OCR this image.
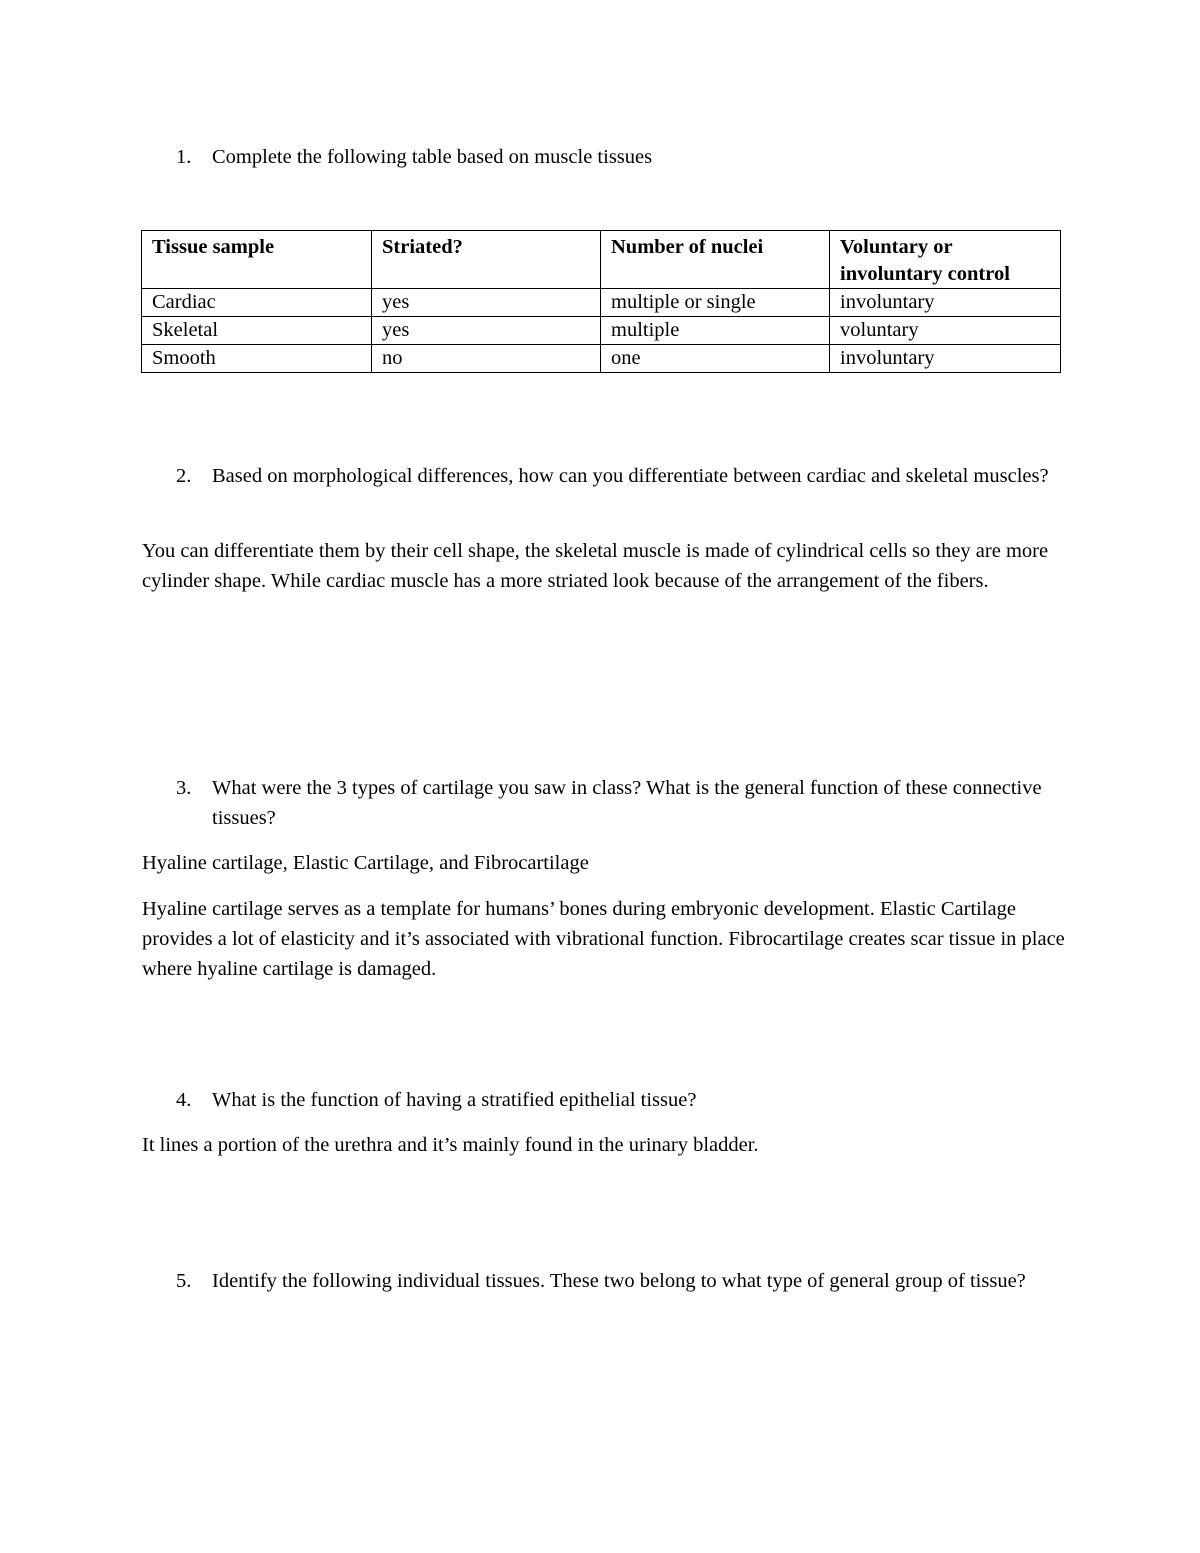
1. Complete the following table based on muscle tissues
Tissue sample	Striated?	Number of nuclei	Voluntary or involuntary control
Cardiac	yes	multiple or single	involuntary
Skeletal	yes	multiple	voluntary
Smooth	no	one	involuntary
2. Based on morphological differences, how can you differentiate between cardiac and skeletal muscles?
You can differentiate them by their cell shape, the skeletal muscle is made of cylindrical cells so they are more cylinder shape. While cardiac muscle has a more striated look because of the arrangement of the fibers.
3. What were the 3 types of cartilage you saw in class? What is the general function of these connective tissues?
Hyaline cartilage, Elastic Cartilage, and Fibrocartilage
Hyaline cartilage serves as a template for humans’ bones during embryonic development. Elastic Cartilage provides a lot of elasticity and it’s associated with vibrational function. Fibrocartilage creates scar tissue in place where hyaline cartilage is damaged.
4. What is the function of having a stratified epithelial tissue?
It lines a portion of the urethra and it’s mainly found in the urinary bladder.
5. Identify the following individual tissues. These two belong to what type of general group of tissue?
